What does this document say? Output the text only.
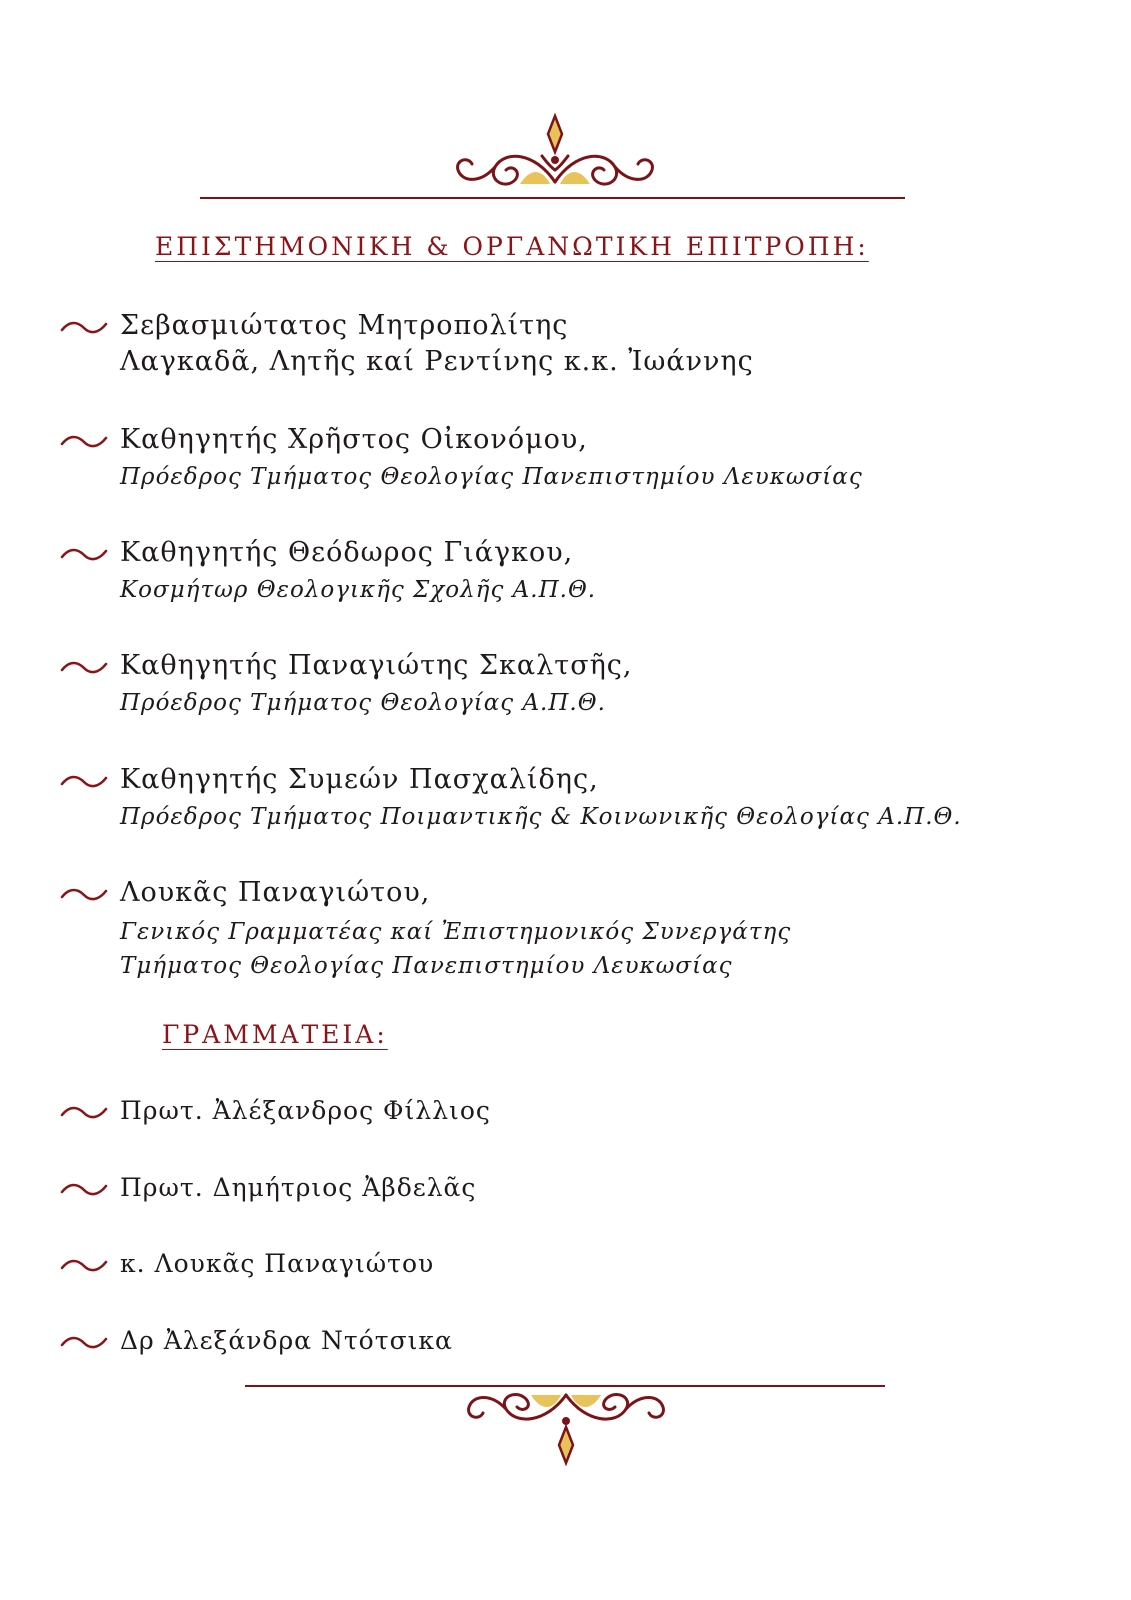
ΕΠΙΣΤΗΜΟΝΙΚΗ & ΟΡΓΑΝΩΤΙΚΗ ΕΠΙΤΡΟΠΗ:
Σεβασμιώτατος Μητροπολίτης
Λαγκαδᾶ, Λητῆς καί Ρεντίνης κ.κ. Ἰωάννης
Καθηγητής Χρῆστος Οἰκονόμου,
Πρόεδρος Τμήματος Θεολογίας Πανεπιστημίου Λευκωσίας
Καθηγητής Θεόδωρος Γιάγκου,
Κοσμήτωρ Θεολογικῆς Σχολῆς Α.Π.Θ.
Καθηγητής Παναγιώτης Σκαλτσῆς,
Πρόεδρος Τμήματος Θεολογίας Α.Π.Θ.
Καθηγητής Συμεών Πασχαλίδης,
Πρόεδρος Τμήματος Ποιμαντικῆς & Κοινωνικῆς Θεολογίας Α.Π.Θ.
Λουκᾶς Παναγιώτου,
Γενικός Γραμματέας καί Ἐπιστημονικός Συνεργάτης
Τμήματος Θεολογίας Πανεπιστημίου Λευκωσίας
ΓΡΑΜΜΑΤΕΙΑ:
Πρωτ. Ἀλέξανδρος Φίλλιος
Πρωτ. Δημήτριος Ἀβδελᾶς
κ. Λουκᾶς Παναγιώτου
Δρ Ἀλεξάνδρα Ντότσικα
